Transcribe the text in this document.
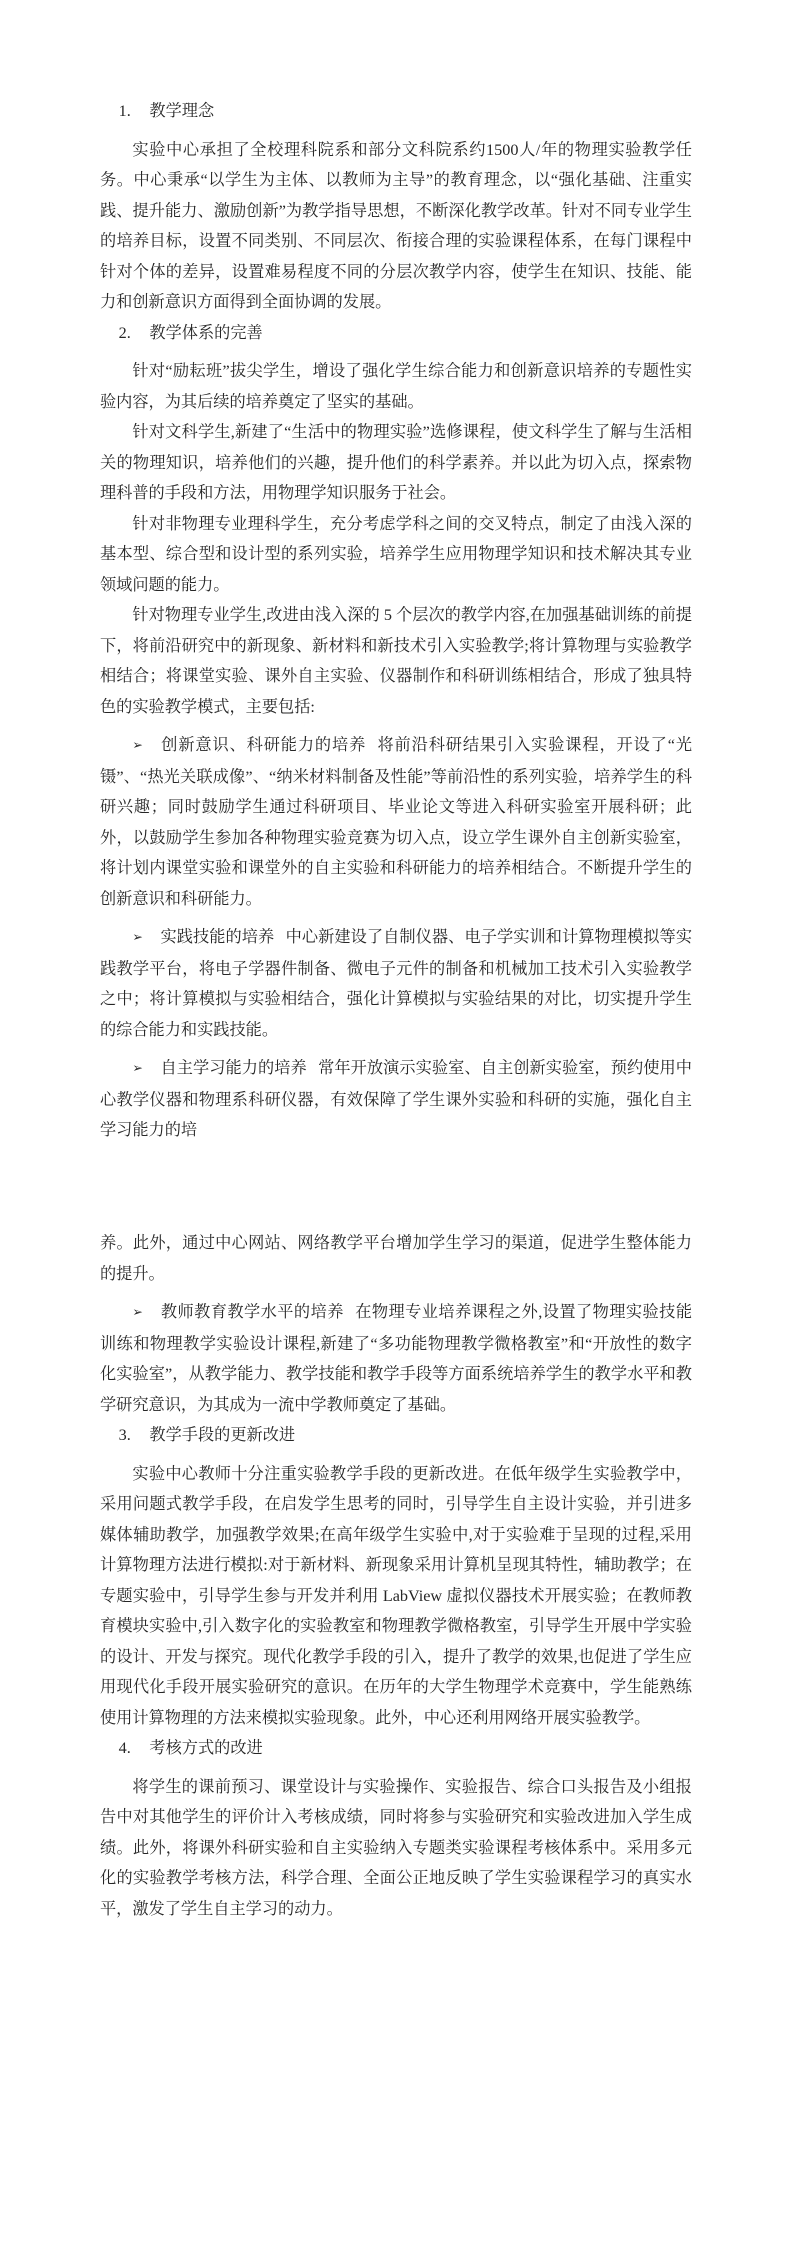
1. 教学理念

实验中心承担了全校理科院系和部分文科院系约1500人/年的物理实验教学任务。中心秉承“以学生为主体、以教师为主导”的教育理念，以“强化基础、注重实践、提升能力、激励创新”为教学指导思想，不断深化教学改革。针对不同专业学生的培养目标，设置不同类别、不同层次、衔接合理的实验课程体系，在每门课程中针对个体的差异，设置难易程度不同的分层次教学内容，使学生在知识、技能、能力和创新意识方面得到全面协调的发展。

2. 教学体系的完善

针对“励耘班”拔尖学生，增设了强化学生综合能力和创新意识培养的专题性实验内容，为其后续的培养奠定了坚实的基础。

针对文科学生,新建了“生活中的物理实验”选修课程，使文科学生了解与生活相关的物理知识，培养他们的兴趣，提升他们的科学素养。并以此为切入点，探索物理科普的手段和方法，用物理学知识服务于社会。

针对非物理专业理科学生，充分考虑学科之间的交叉特点，制定了由浅入深的基本型、综合型和设计型的系列实验，培养学生应用物理学知识和技术解决其专业领域问题的能力。

针对物理专业学生,改进由浅入深的 5 个层次的教学内容,在加强基础训练的前提下，将前沿研究中的新现象、新材料和新技术引入实验教学;将计算物理与实验教学相结合；将课堂实验、课外自主实验、仪器制作和科研训练相结合，形成了独具特色的实验教学模式，主要包括:

➢ 创新意识、科研能力的培养 将前沿科研结果引入实验课程，开设了“光镊”、“热光关联成像”、“纳米材料制备及性能”等前沿性的系列实验，培养学生的科研兴趣；同时鼓励学生通过科研项目、毕业论文等进入科研实验室开展科研；此外，以鼓励学生参加各种物理实验竞赛为切入点，设立学生课外自主创新实验室，将计划内课堂实验和课堂外的自主实验和科研能力的培养相结合。不断提升学生的创新意识和科研能力。

➢ 实践技能的培养 中心新建设了自制仪器、电子学实训和计算物理模拟等实践教学平台，将电子学器件制备、微电子元件的制备和机械加工技术引入实验教学之中；将计算模拟与实验相结合，强化计算模拟与实验结果的对比，切实提升学生的综合能力和实践技能。

➢ 自主学习能力的培养 常年开放演示实验室、自主创新实验室，预约使用中心教学仪器和物理系科研仪器，有效保障了学生课外实验和科研的实施，强化自主学习能力的培

养。此外，通过中心网站、网络教学平台增加学生学习的渠道，促进学生整体能力的提升。

➢ 教师教育教学水平的培养 在物理专业培养课程之外,设置了物理实验技能训练和物理教学实验设计课程,新建了“多功能物理教学微格教室”和“开放性的数字化实验室”，从教学能力、教学技能和教学手段等方面系统培养学生的教学水平和教学研究意识，为其成为一流中学教师奠定了基础。

3. 教学手段的更新改进

实验中心教师十分注重实验教学手段的更新改进。在低年级学生实验教学中，采用问题式教学手段，在启发学生思考的同时，引导学生自主设计实验，并引进多媒体辅助教学，加强教学效果;在高年级学生实验中,对于实验难于呈现的过程,采用计算物理方法进行模拟:对于新材料、新现象采用计算机呈现其特性，辅助教学；在专题实验中，引导学生参与开发并利用 LabView 虚拟仪器技术开展实验；在教师教育模块实验中,引入数字化的实验教室和物理教学微格教室，引导学生开展中学实验的设计、开发与探究。现代化教学手段的引入，提升了教学的效果,也促进了学生应用现代化手段开展实验研究的意识。在历年的大学生物理学术竞赛中，学生能熟练使用计算物理的方法来模拟实验现象。此外，中心还利用网络开展实验教学。

4. 考核方式的改进

将学生的课前预习、课堂设计与实验操作、实验报告、综合口头报告及小组报告中对其他学生的评价计入考核成绩，同时将参与实验研究和实验改进加入学生成绩。此外，将课外科研实验和自主实验纳入专题类实验课程考核体系中。采用多元化的实验教学考核方法，科学合理、全面公正地反映了学生实验课程学习的真实水平，激发了学生自主学习的动力。
